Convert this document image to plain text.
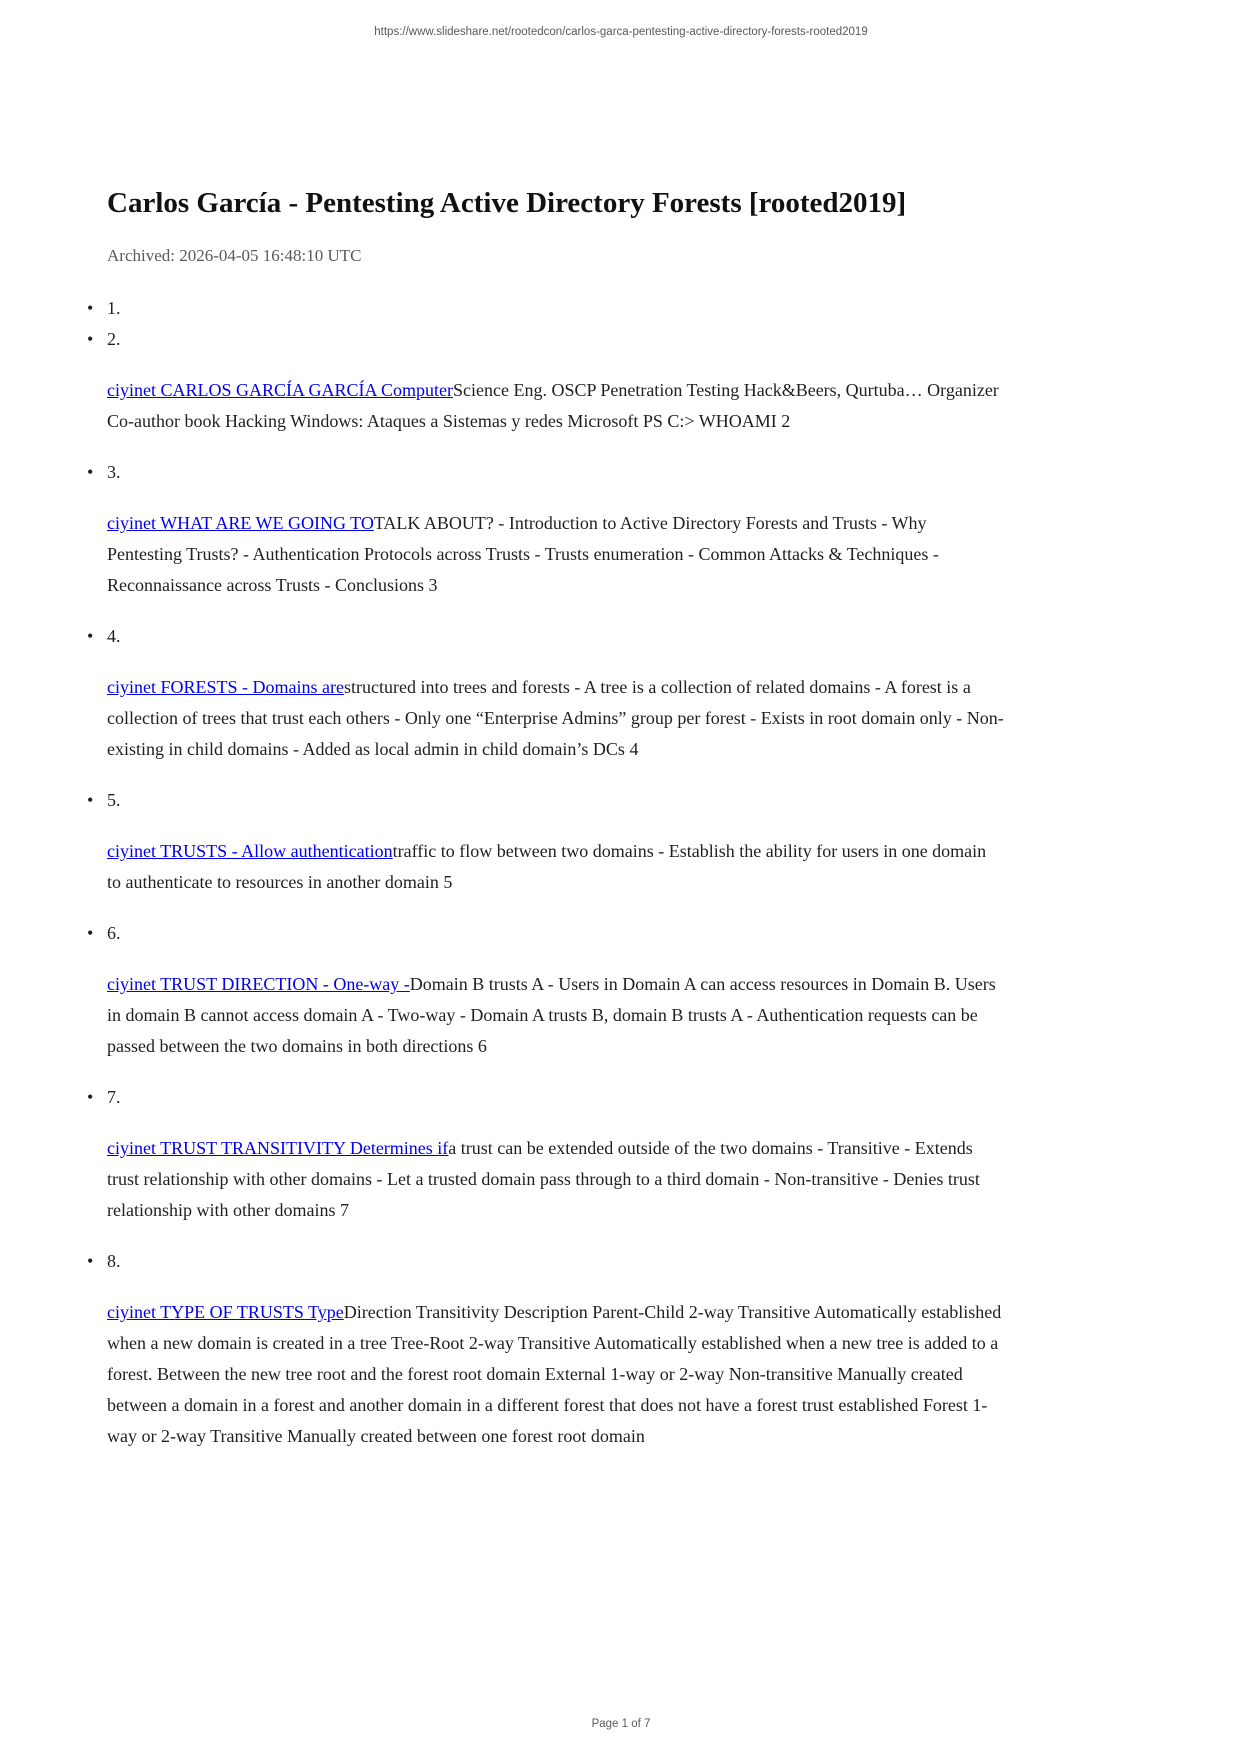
https://www.slideshare.net/rootedcon/carlos-garca-pentesting-active-directory-forests-rooted2019
Carlos García - Pentesting Active Directory Forests [rooted2019]
Archived: 2026-04-05 16:48:10 UTC
• 1.
• 2.

ciyinet CARLOS GARCÍA GARCÍA ComputerScience Eng. OSCP Penetration Testing Hack&Beers, Qurtuba… Organizer Co-author book Hacking Windows: Ataques a Sistemas y redes Microsoft PS C:> WHOAMI 2

• 3.

ciyinet WHAT ARE WE GOING TOTALK ABOUT? - Introduction to Active Directory Forests and Trusts - Why Pentesting Trusts? - Authentication Protocols across Trusts - Trusts enumeration - Common Attacks & Techniques - Reconnaissance across Trusts - Conclusions 3

• 4.

ciyinet FORESTS - Domains arestructured into trees and forests - A tree is a collection of related domains - A forest is a collection of trees that trust each others - Only one “Enterprise Admins” group per forest - Exists in root domain only - Non-existing in child domains - Added as local admin in child domain’s DCs 4

• 5.

ciyinet TRUSTS - Allow authenticationtraffic to flow between two domains - Establish the ability for users in one domain to authenticate to resources in another domain 5

• 6.

ciyinet TRUST DIRECTION - One-way -Domain B trusts A - Users in Domain A can access resources in Domain B. Users in domain B cannot access domain A - Two-way - Domain A trusts B, domain B trusts A - Authentication requests can be passed between the two domains in both directions 6

• 7.

ciyinet TRUST TRANSITIVITY Determines ifa trust can be extended outside of the two domains - Transitive - Extends trust relationship with other domains - Let a trusted domain pass through to a third domain - Non-transitive - Denies trust relationship with other domains 7

• 8.

ciyinet TYPE OF TRUSTS TypeDirection Transitivity Description Parent-Child 2-way Transitive Automatically established when a new domain is created in a tree Tree-Root 2-way Transitive Automatically established when a new tree is added to a forest. Between the new tree root and the forest root domain External 1-way or 2-way Non-transitive Manually created between a domain in a forest and another domain in a different forest that does not have a forest trust established Forest 1-way or 2-way Transitive Manually created between one forest root domain

Page 1 of 7
